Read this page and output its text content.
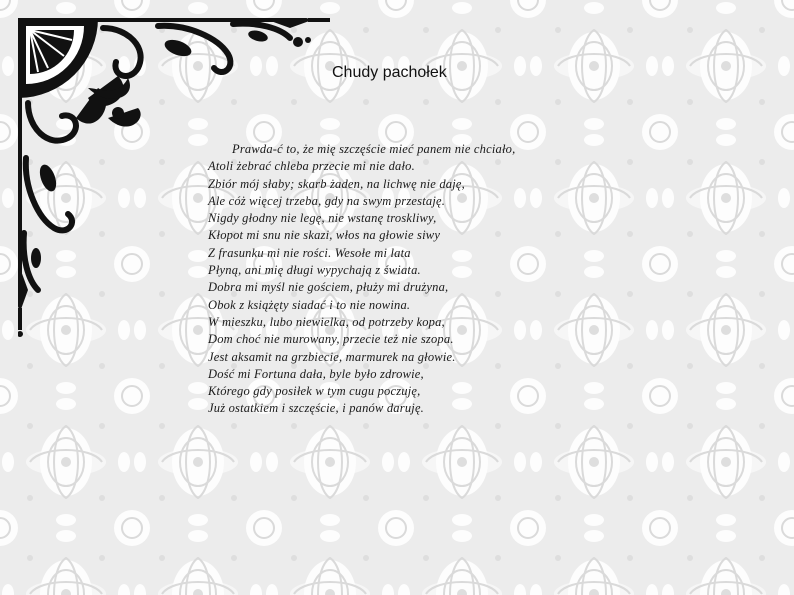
Chudy pachołek
Prawda-ć to, że mię szczęście mieć panem nie chciało,
Atoli żebrać chleba przecie mi nie dało.
Zbiór mój słaby; skarb żaden, na lichwę nie daję,
Ale cóż więcej trzeba, gdy na swym przestaję.
Nigdy głodny nie legę, nie wstanę troskliwy,
Kłopot mi snu nie skazi, włos na głowie siwy
Z frasunku mi nie rości. Wesołe mi lata
Płyną, ani mię długi wypychają z świata.
Dobra mi myśl nie gościem, płuży mi drużyna,
Obok z książęty siadać i to nie nowina.
W mieszku, lubo niewielka, od potrzeby kopa,
Dom choć nie murowany, przecie też nie szopa.
Jest aksamit na grzbiecie, marmurek na głowie.
Dość mi Fortuna dała, byle było zdrowie,
Którego gdy posiłek w tym cugu poczuję,
Już ostatkiem i szczęście, i panów daruję.
